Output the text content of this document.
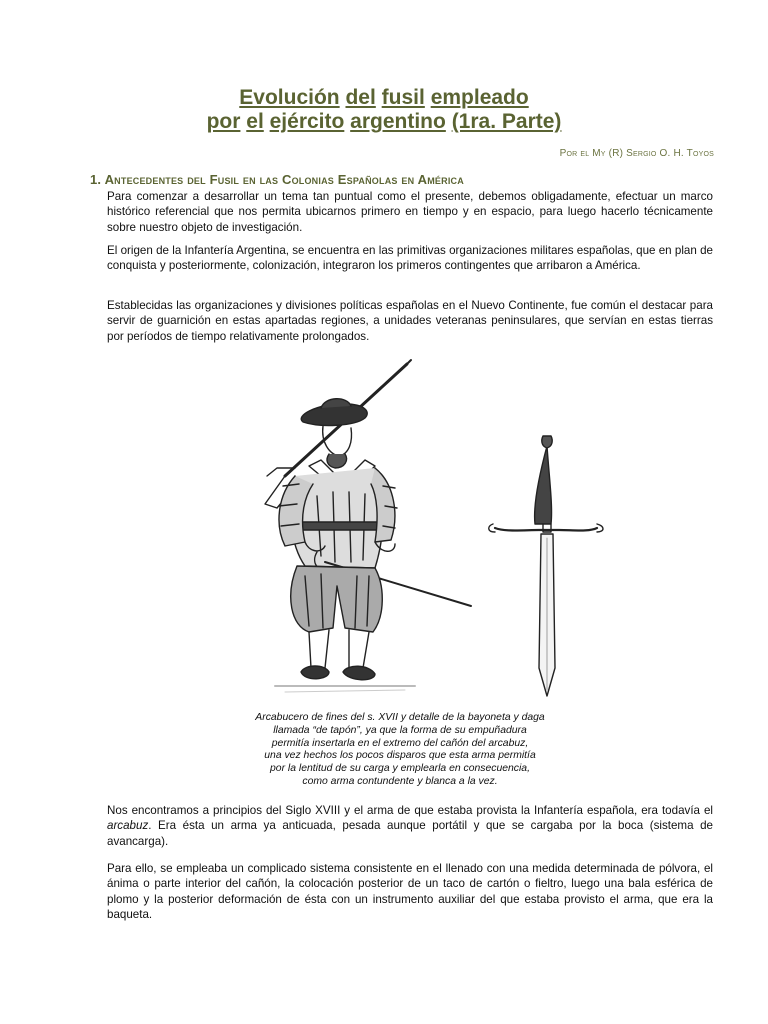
Evolución del fusil empleado
por el ejército argentino (1ra. Parte)
Por el My (R) Sergio O. H. Toyos
1. Antecedentes del Fusil en las Colonias Españolas en América

Para comenzar a desarrollar un tema tan puntual como el presente, debemos obligadamente, efectuar un marco histórico referencial que nos permita ubicarnos primero en tiempo y en espacio, para luego hacerlo técnicamente sobre nuestro objeto de investigación.

El origen de la Infantería Argentina, se encuentra en las primitivas organizaciones militares españolas, que en plan de conquista y posteriormente, colonización, integraron los primeros contingentes que arribaron a América.

Establecidas las organizaciones y divisiones políticas españolas en el Nuevo Continente, fue común el destacar para servir de guarnición en estas apartadas regiones, a unidades veteranas peninsulares, que servían en estas tierras por períodos de tiempo relativamente prolongados.

Arcabucero de fines del s. XVII y detalle de la bayoneta y daga
llamada “de tapón”, ya que la forma de su empuñadura
permitía insertarla en el extremo del cañón del arcabuz,
una vez hechos los pocos disparos que esta arma permitía
por la lentitud de su carga y emplearla en consecuencia,
como arma contundente y blanca a la vez.

Nos encontramos a principios del Siglo XVIII y el arma de que estaba provista la Infantería española, era todavía el arcabuz. Era ésta un arma ya anticuada, pesada aunque portátil y que se cargaba por la boca (sistema de avancarga).

Para ello, se empleaba un complicado sistema consistente en el llenado con una medida determinada de pólvora, el ánima o parte interior del cañón, la colocación posterior de un taco de cartón o fieltro, luego una bala esférica de plomo y la posterior deformación de ésta con un instrumento auxiliar del que estaba provisto el arma, que era la baqueta.
